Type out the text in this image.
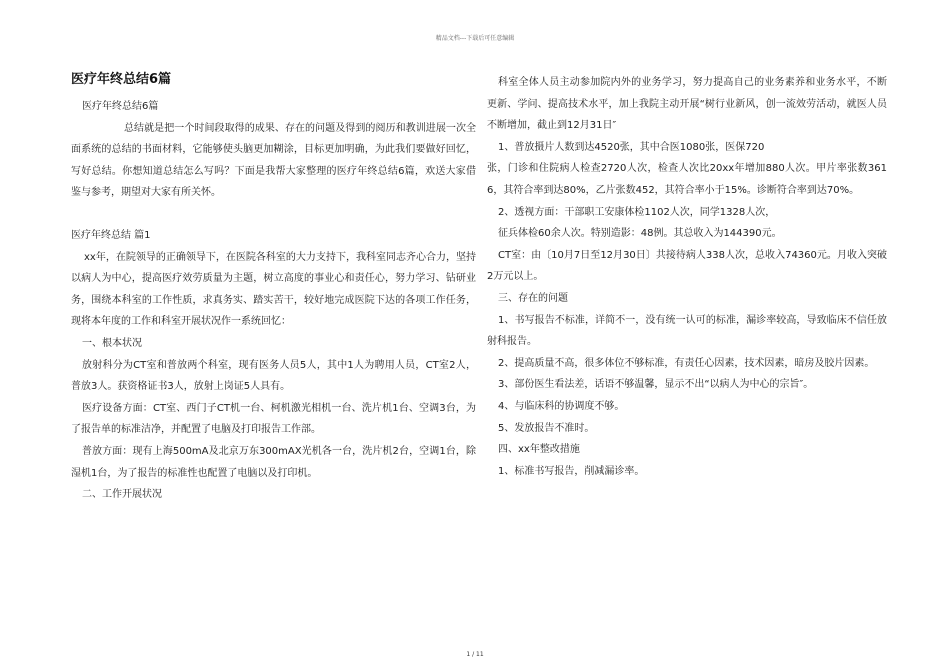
精品文档---下载后可任意编辑
医疗年终总结6篇
医疗年终总结6篇
总结就是把一个时间段取得的成果、存在的问题及得到的阅历和教训进展一次全面系统的总结的书面材料，它能够使头脑更加糊涂，目标更加明确，为此我们要做好回忆，写好总结。你想知道总结怎么写吗？下面是我帮大家整理的医疗年终总结6篇，欢送大家借鉴与参考，期望对大家有所关怀。
医疗年终总结 篇1
xx年，在院领导的正确领导下，在医院各科室的大力支持下，我科室同志齐心合力，坚持以病人为中心，提高医疗效劳质量为主题，树立高度的事业心和责任心，努力学习、钻研业务，围绕本科室的工作性质，求真务实、踏实苦干，较好地完成医院下达的各项工作任务，现将本年度的工作和科室开展状况作一系统回忆：
一、根本状况
放射科分为CT室和普放两个科室，现有医务人员5人，其中1人为聘用人员，CT室2人，普放3人。获资格证书3人，放射上岗证5人具有。
医疗设备方面：CT室、西门子CT机一台、柯机激光相机一台、洗片机1台、空调3台，为了报告单的标准洁净，并配置了电脑及打印报告工作部。
普放方面：现有上海500mA及北京万东300mAX光机各一台，洗片机2台，空调1台，除湿机1台，为了报告的标准性也配置了电脑以及打印机。
二、工作开展状况
科室全体人员主动参加院内外的业务学习，努力提高自己的业务素养和业务水平，不断更新、学问、提高技术水平，加上我院主动开展“树行业新风，创一流效劳活动，就医人员不断增加，截止到12月31日″
1、普放摄片人数到达4520张，其中合医1080张，医保720
张，门诊和住院病人检查2720人次，检查人次比20xx年增加880人次。甲片率张数3616，其符合率到达80%，乙片张数452，其符合率小于15%。诊断符合率到达70%。
2、透视方面：干部职工安康体检1102人次，同学1328人次，
征兵体检60余人次。特别造影：48例。其总收入为144390元。
CT室：由〔10月7日至12月30日〕共接待病人338人次，总收入74360元。月收入突破2万元以上。
三、存在的问题
1、书写报告不标准，详简不一，没有统一认可的标准，漏诊率较高，导致临床不信任放射科报告。
2、提高质量不高，很多体位不够标准，有责任心因素，技术因素，暗房及胶片因素。
3、部份医生看法差，话语不够温馨，显示不出“以病人为中心的宗旨″。
4、与临床科的协调度不够。
5、发放报告不准时。
四、xx年整改措施
1、标准书写报告，削减漏诊率。
1 / 11
